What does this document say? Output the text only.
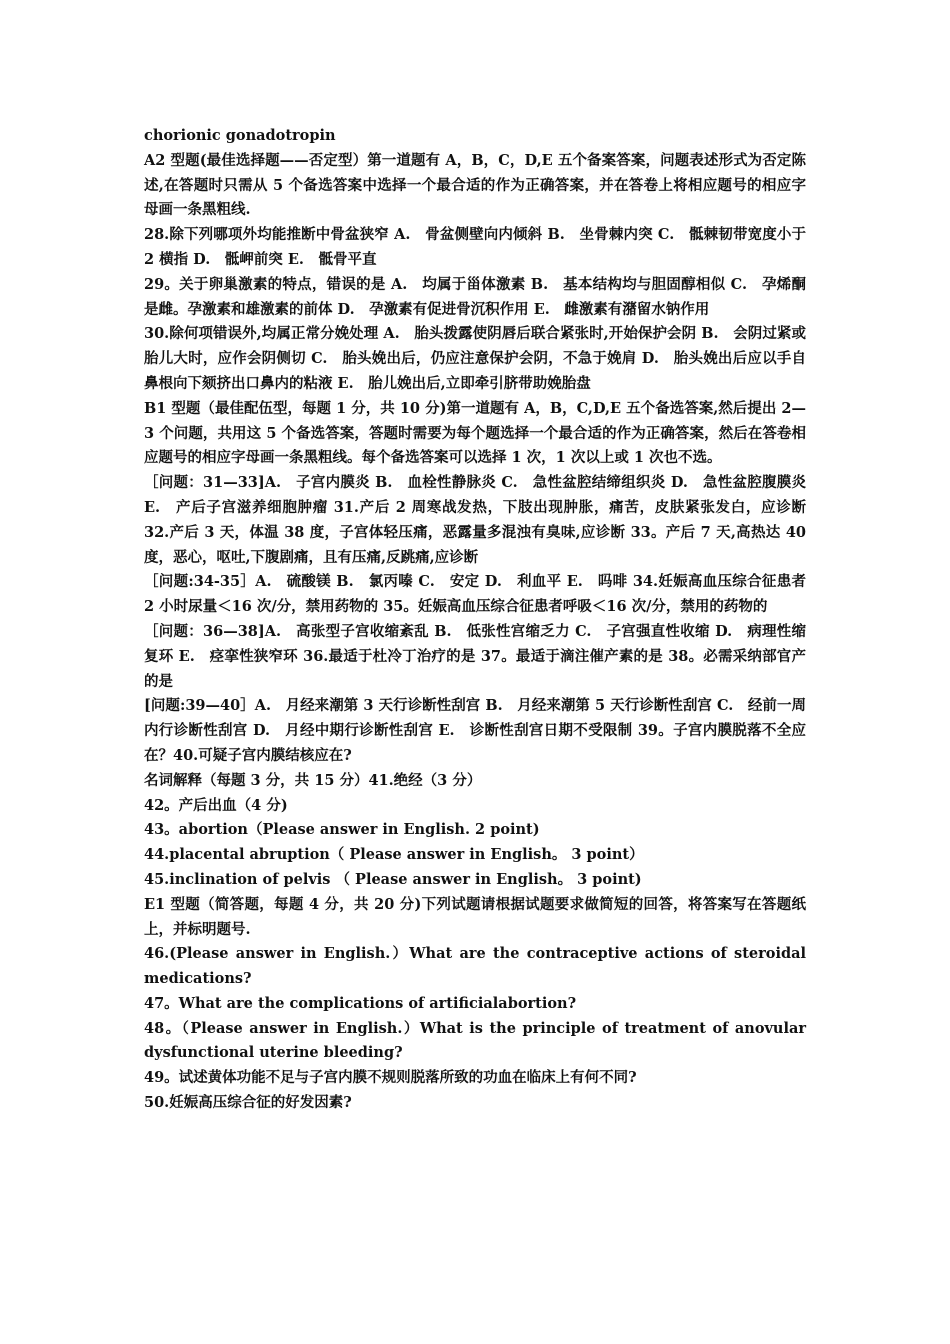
chorionic gonadotropin

A2 型题(最佳选择题——否定型）第一道题有 A，B，C，D,E 五个备案答案，问题表述形式为否定陈述,在答题时只需从 5 个备选答案中选择一个最合适的作为正确答案，并在答卷上将相应题号的相应字母画一条黑粗线.

28.除下列哪项外均能推断中骨盆狭窄 A.　骨盆侧壁向内倾斜 B.　坐骨棘内突 C.　骶棘韧带宽度小于 2 横指 D.　骶岬前突 E.　骶骨平直

29。关于卵巢激素的特点，错误的是 A.　均属于甾体激素 B.　基本结构均与胆固醇相似 C.　孕烯酮是雌。孕激素和雄激素的前体 D.　孕激素有促进骨沉积作用 E.　雌激素有潴留水钠作用

30.除何项错误外,均属正常分娩处理 A.　胎头拨露使阴唇后联合紧张时,开始保护会阴 B.　会阴过紧或胎儿大时，应作会阴侧切 C.　胎头娩出后，仍应注意保护会阴，不急于娩肩 D.　胎头娩出后应以手自鼻根向下颏挤出口鼻内的粘液 E.　胎儿娩出后,立即牵引脐带助娩胎盘

B1 型题（最佳配伍型，每题 1 分，共 10 分)第一道题有 A，B，C,D,E 五个备选答案,然后提出 2—3 个问题，共用这 5 个备选答案，答题时需要为每个题选择一个最合适的作为正确答案，然后在答卷相应题号的相应字母画一条黑粗线。每个备选答案可以选择 1 次，1 次以上或 1 次也不选。

［问题：31—33]A.　子宫内膜炎 B.　血栓性静脉炎 C.　急性盆腔结缔组织炎 D.　急性盆腔腹膜炎 E.　产后子宫滋养细胞肿瘤 31.产后 2 周寒战发热，下肢出现肿胀，痛苦，皮肤紧张发白，应诊断 32.产后 3 天，体温 38 度，子宫体轻压痛，恶露量多混浊有臭味,应诊断 33。产后 7 天,高热达 40 度，恶心，呕吐,下腹剧痛，且有压痛,反跳痛,应诊断

［问题:34-35］A.　硫酸镁 B.　氯丙嗪 C.　安定 D.　利血平 E.　吗啡 34.妊娠高血压综合征患者 2 小时尿量＜16 次/分，禁用药物的 35。妊娠高血压综合征患者呼吸＜16 次/分，禁用的药物的

［问题：36—38]A.　高张型子宫收缩紊乱 B.　低张性宫缩乏力 C.　子宫强直性收缩 D.　病理性缩复环 E.　痉挛性狭窄环 36.最适于杜冷丁治疗的是 37。最适于滴注催产素的是 38。必需采纳部官产的是

[问题:39—40］A.　月经来潮第 3 天行诊断性刮宫 B.　月经来潮第 5 天行诊断性刮宫 C.　经前一周内行诊断性刮宫 D.　月经中期行诊断性刮宫 E.　诊断性刮宫日期不受限制 39。子宫内膜脱落不全应在？40.可疑子宫内膜结核应在?

名词解释（每题 3 分，共 15 分）41.绝经（3 分）

42。产后出血（4 分)

43。abortion（Please answer in English. 2 point)

44.placental abruption（ Please answer in English。 3 point）

45.inclination of pelvis （ Please answer in English。 3 point)

E1 型题（简答题，每题 4 分，共 20 分)下列试题请根据试题要求做简短的回答，将答案写在答题纸上，并标明题号.

46.(Please answer in English.）What are the contraceptive actions of steroidal medications?

47。What are the complications of artificialabortion?

48。（Please answer in English.）What is the principle of treatment of anovular dysfunctional uterine bleeding?

49。试述黄体功能不足与子宫内膜不规则脱落所致的功血在临床上有何不同?

50.妊娠高压综合征的好发因素?
